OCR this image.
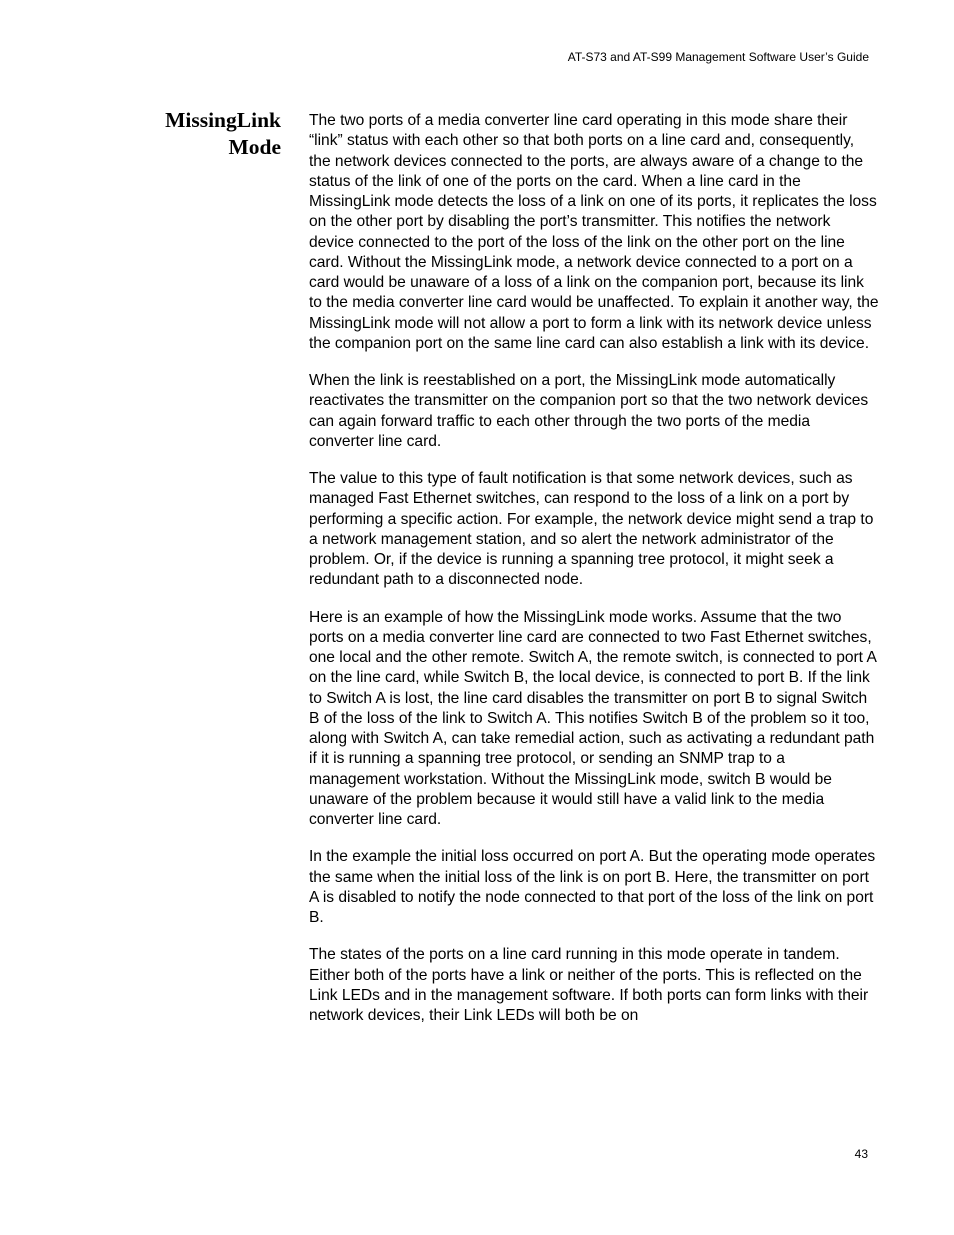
AT-S73 and AT-S99 Management Software User’s Guide
MissingLink
Mode

The two ports of a media converter line card operating in this mode share their “link” status with each other so that both ports on a line card and, consequently, the network devices connected to the ports, are always aware of a change to the status of the link of one of the ports on the card. When a line card in the MissingLink mode detects the loss of a link on one of its ports, it replicates the loss on the other port by disabling the port’s transmitter. This notifies the network device connected to the port of the loss of the link on the other port on the line card. Without the MissingLink mode, a network device connected to a port on a card would be unaware of a loss of a link on the companion port, because its link to the media converter line card would be unaffected. To explain it another way, the MissingLink mode will not allow a port to form a link with its network device unless the companion port on the same line card can also establish a link with its device.

When the link is reestablished on a port, the MissingLink mode automatically reactivates the transmitter on the companion port so that the two network devices can again forward traffic to each other through the two ports of the media converter line card.

The value to this type of fault notification is that some network devices, such as managed Fast Ethernet switches, can respond to the loss of a link on a port by performing a specific action. For example, the network device might send a trap to a network management station, and so alert the network administrator of the problem. Or, if the device is running a spanning tree protocol, it might seek a redundant path to a disconnected node.

Here is an example of how the MissingLink mode works. Assume that the two ports on a media converter line card are connected to two Fast Ethernet switches, one local and the other remote. Switch A, the remote switch, is connected to port A on the line card, while Switch B, the local device, is connected to port B. If the link to Switch A is lost, the line card disables the transmitter on port B to signal Switch B of the loss of the link to Switch A. This notifies Switch B of the problem so it too, along with Switch A, can take remedial action, such as activating a redundant path if it is running a spanning tree protocol, or sending an SNMP trap to a management workstation. Without the MissingLink mode, switch B would be unaware of the problem because it would still have a valid link to the media converter line card.

In the example the initial loss occurred on port A. But the operating mode operates the same when the initial loss of the link is on port B. Here, the transmitter on port A is disabled to notify the node connected to that port of the loss of the link on port B.

The states of the ports on a line card running in this mode operate in tandem. Either both of the ports have a link or neither of the ports. This is reflected on the Link LEDs and in the management software. If both ports can form links with their network devices, their Link LEDs will both be on

43
